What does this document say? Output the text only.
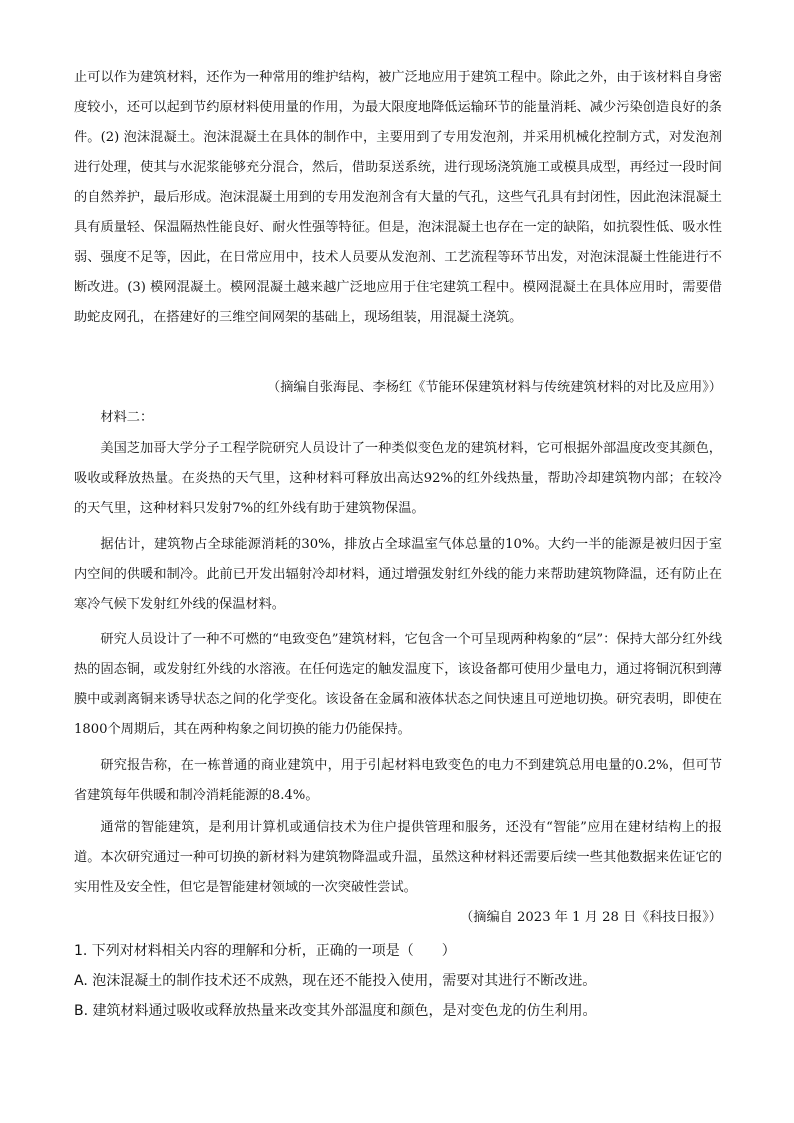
止可以作为建筑材料，还作为一种常用的维护结构，被广泛地应用于建筑工程中。除此之外，由于该材料自身密度较小，还可以起到节约原材料使用量的作用，为最大限度地降低运输环节的能量消耗、减少污染创造良好的条件。(2) 泡沫混凝土。泡沫混凝土在具体的制作中，主要用到了专用发泡剂，并采用机械化控制方式，对发泡剂进行处理，使其与水泥浆能够充分混合，然后，借助泵送系统，进行现场浇筑施工或模具成型，再经过一段时间的自然养护，最后形成。泡沫混凝土用到的专用发泡剂含有大量的气孔，这些气孔具有封闭性，因此泡沫混凝土具有质量轻、保温隔热性能良好、耐火性强等特征。但是，泡沫混凝土也存在一定的缺陷，如抗裂性低、吸水性弱、强度不足等，因此，在日常应用中，技术人员要从发泡剂、工艺流程等环节出发，对泡沫混凝土性能进行不断改进。(3) 模网混凝土。模网混凝土越来越广泛地应用于住宅建筑工程中。模网混凝土在具体应用时，需要借助蛇皮网孔，在搭建好的三维空间网架的基础上，现场组装，用混凝土浇筑。

（摘编自张海昆、李杨红《节能环保建筑材料与传统建筑材料的对比及应用》）

材料二：

美国芝加哥大学分子工程学院研究人员设计了一种类似变色龙的建筑材料，它可根据外部温度改变其颜色，吸收或释放热量。在炎热的天气里，这种材料可释放出高达92%的红外线热量，帮助冷却建筑物内部；在较冷的天气里，这种材料只发射7%的红外线有助于建筑物保温。

据估计，建筑物占全球能源消耗的30%，排放占全球温室气体总量的10%。大约一半的能源是被归因于室内空间的供暖和制冷。此前已开发出辐射冷却材料，通过增强发射红外线的能力来帮助建筑物降温，还有防止在寒冷气候下发射红外线的保温材料。

研究人员设计了一种不可燃的“电致变色”建筑材料，它包含一个可呈现两种构象的“层”：保持大部分红外线热的固态铜，或发射红外线的水溶液。在任何选定的触发温度下，该设备都可使用少量电力，通过将铜沉积到薄膜中或剥离铜来诱导状态之间的化学变化。该设备在金属和液体状态之间快速且可逆地切换。研究表明，即使在1800个周期后，其在两种构象之间切换的能力仍能保持。

研究报告称，在一栋普通的商业建筑中，用于引起材料电致变色的电力不到建筑总用电量的0.2%，但可节省建筑每年供暖和制冷消耗能源的8.4%。

通常的智能建筑，是利用计算机或通信技术为住户提供管理和服务，还没有“智能”应用在建材结构上的报道。本次研究通过一种可切换的新材料为建筑物降温或升温，虽然这种材料还需要后续一些其他数据来佐证它的实用性及安全性，但它是智能建材领域的一次突破性尝试。

（摘编自 2023 年 1 月 28 日《科技日报》）
1. 下列对材料相关内容的理解和分析，正确的一项是（　　）
A. 泡沫混凝土的制作技术还不成熟，现在还不能投入使用，需要对其进行不断改进。
B. 建筑材料通过吸收或释放热量来改变其外部温度和颜色，是对变色龙的仿生利用。
